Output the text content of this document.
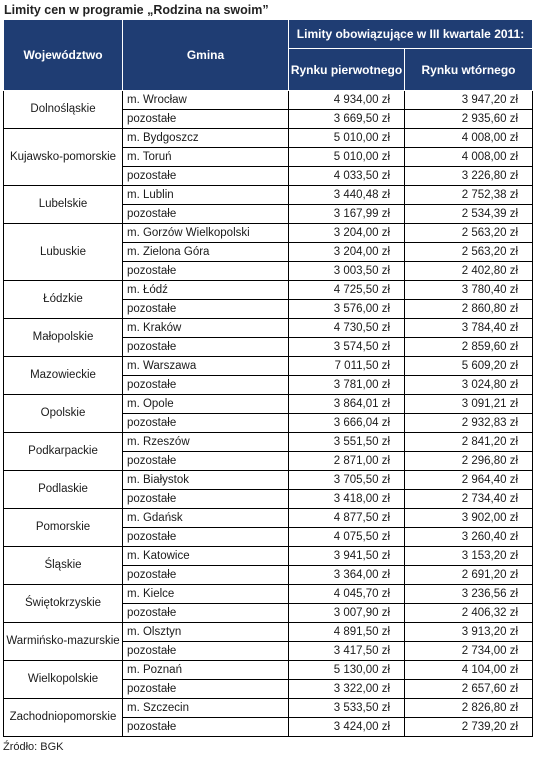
Limity cen w programie „Rodzina na swoim”
Województwo	Gmina	Limity obowiązujące w III kwartale 2011:	
		Rynku pierwotnego	Rynku wtórnego
Dolnośląskie	m. Wrocław	4 934,00 zł	3 947,20 zł
	pozostałe	3 669,50 zł	2 935,60 zł
Kujawsko-pomorskie	m. Bydgoszcz	5 010,00 zł	4 008,00 zł
	m. Toruń	5 010,00 zł	4 008,00 zł
	pozostałe	4 033,50 zł	3 226,80 zł
Lubelskie	m. Lublin	3 440,48 zł	2 752,38 zł
	pozostałe	3 167,99 zł	2 534,39 zł
Lubuskie	m. Gorzów Wielkopolski	3 204,00 zł	2 563,20 zł
	m. Zielona Góra	3 204,00 zł	2 563,20 zł
	pozostałe	3 003,50 zł	2 402,80 zł
Łódzkie	m. Łódź	4 725,50 zł	3 780,40 zł
	pozostałe	3 576,00 zł	2 860,80 zł
Małopolskie	m. Kraków	4 730,50 zł	3 784,40 zł
	pozostałe	3 574,50 zł	2 859,60 zł
Mazowieckie	m. Warszawa	7 011,50 zł	5 609,20 zł
	pozostałe	3 781,00 zł	3 024,80 zł
Opolskie	m. Opole	3 864,01 zł	3 091,21 zł
	pozostałe	3 666,04 zł	2 932,83 zł
Podkarpackie	m. Rzeszów	3 551,50 zł	2 841,20 zł
	pozostałe	2 871,00 zł	2 296,80 zł
Podlaskie	m. Białystok	3 705,50 zł	2 964,40 zł
	pozostałe	3 418,00 zł	2 734,40 zł
Pomorskie	m. Gdańsk	4 877,50 zł	3 902,00 zł
	pozostałe	4 075,50 zł	3 260,40 zł
Śląskie	m. Katowice	3 941,50 zł	3 153,20 zł
	pozostałe	3 364,00 zł	2 691,20 zł
Świętokrzyskie	m. Kielce	4 045,70 zł	3 236,56 zł
	pozostałe	3 007,90 zł	2 406,32 zł
Warmińsko-mazurskie	m. Olsztyn	4 891,50 zł	3 913,20 zł
	pozostałe	3 417,50 zł	2 734,00 zł
Wielkopolskie	m. Poznań	5 130,00 zł	4 104,00 zł
	pozostałe	3 322,00 zł	2 657,60 zł
Zachodniopomorskie	m. Szczecin	3 533,50 zł	2 826,80 zł
	pozostałe	3 424,00 zł	2 739,20 zł
Źródło: BGK
